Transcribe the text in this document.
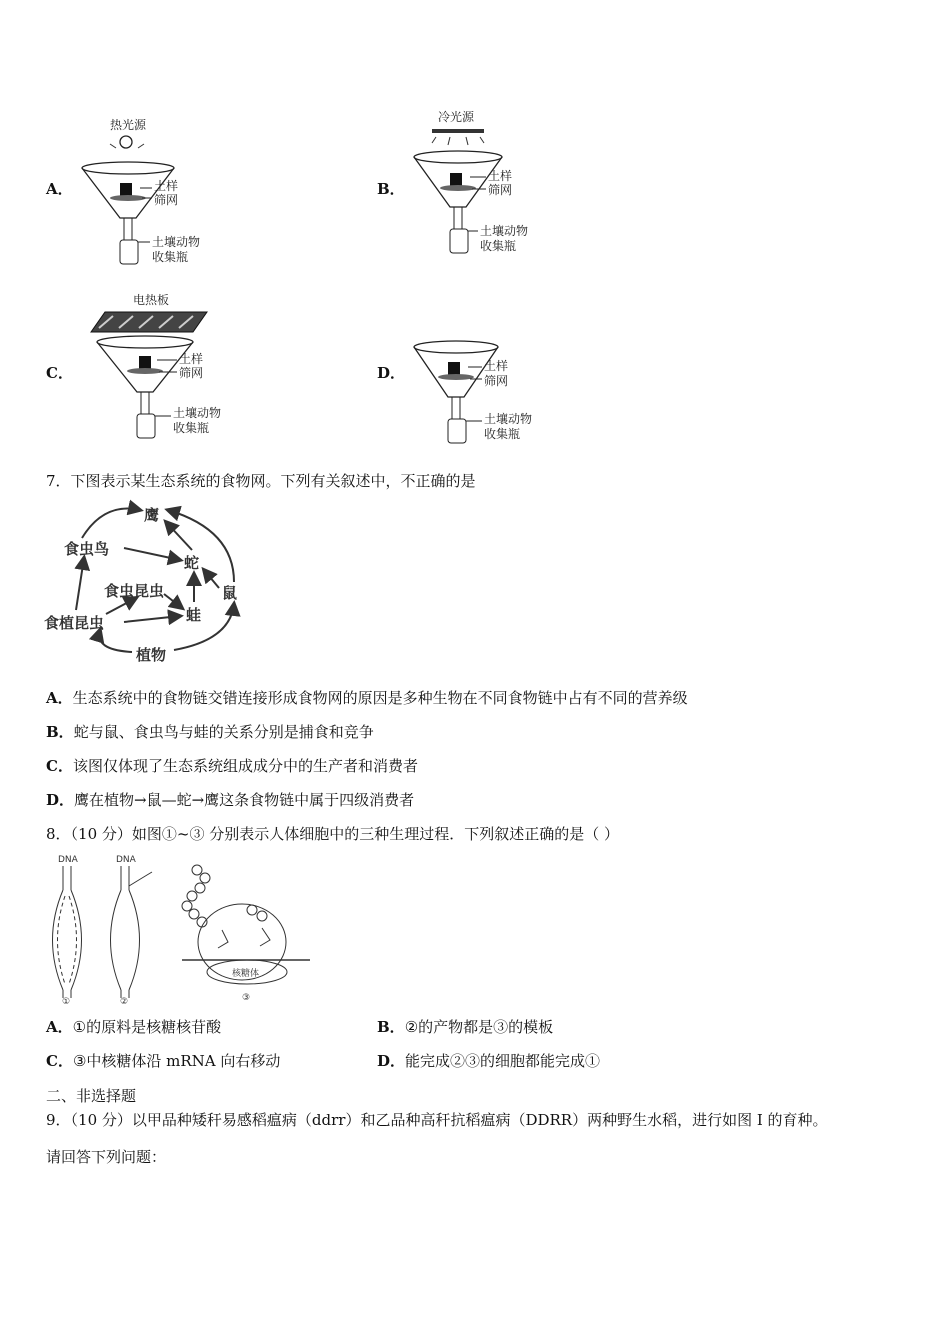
A．
热光源
土样
筛网
土壤动物
收集瓶
B．
冷光源
土样
筛网
土壤动物
收集瓶
C．
电热板
土样
筛网
土壤动物
收集瓶
D．	土样
筛网
土壤动物
收集瓶
7．下图表示某生态系统的食物网。下列有关叙述中，不正确的是
鹰
食虫鸟
蛇
食虫昆虫	鼠
蛙
食植昆虫
植物
A．生态系统中的食物链交错连接形成食物网的原因是多种生物在不同食物链中占有不同的营养级
B．蛇与鼠、食虫鸟与蛙的关系分别是捕食和竞争
C．该图仅体现了生态系统组成成分中的生产者和消费者
D．鹰在植物→鼠—蛇→鹰这条食物链中属于四级消费者
8．（10 分）如图①~③ 分别表示人体细胞中的三种生理过程．下列叙述正确的是（ ）
DNA	DNA
①	②
核糖体
③
A．①的原料是核糖核苷酸	B．②的产物都是③的模板
C．③中核糖体沿 mRNA 向右移动	D．能完成②③的细胞都能完成①
二、非选择题
9．（10 分）以甲品种矮秆易感稻瘟病（ddrr）和乙品种高秆抗稻瘟病（DDRR）两种野生水稻，进行如图 I 的育种。
请回答下列问题：
